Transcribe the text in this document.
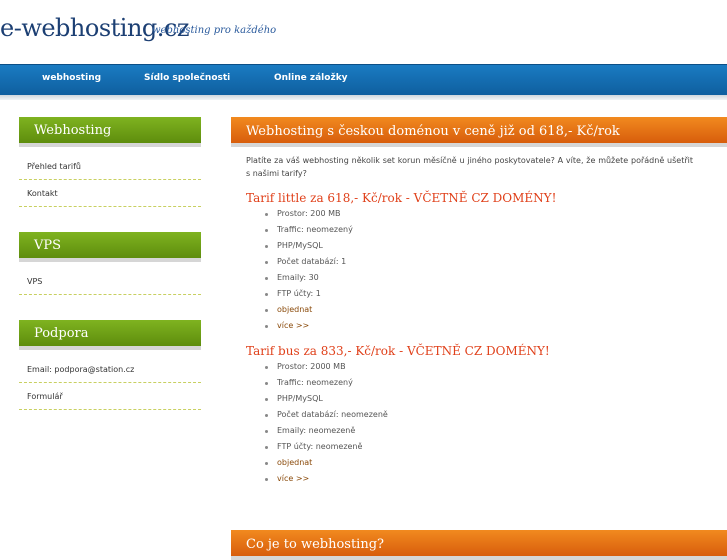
e-webhosting.cz
webhosting pro každého
webhosting	Sídlo společnosti	Online záložky
Webhosting
Přehled tarifů
Kontakt
VPS
VPS
Podpora
Email: podpora@station.cz
Formulář
Webhosting s českou doménou v ceně již od 618,- Kč/rok
Platíte za váš webhosting několik set korun měsíčně u jiného poskytovatele? A víte, že můžete pořádně ušetřit s našimi tarify?
Tarif little za 618,- Kč/rok - VČETNĚ CZ DOMÉNY!
Prostor: 200 MB
Traffic: neomezený
PHP/MySQL
Počet databází: 1
Emaily: 30
FTP účty: 1
objednat
více >>
Tarif bus za 833,- Kč/rok - VČETNĚ CZ DOMÉNY!
Prostor: 2000 MB
Traffic: neomezený
PHP/MySQL
Počet databází: neomezeně
Emaily: neomezeně
FTP účty: neomezeně
objednat
více >>
Co je to webhosting?
